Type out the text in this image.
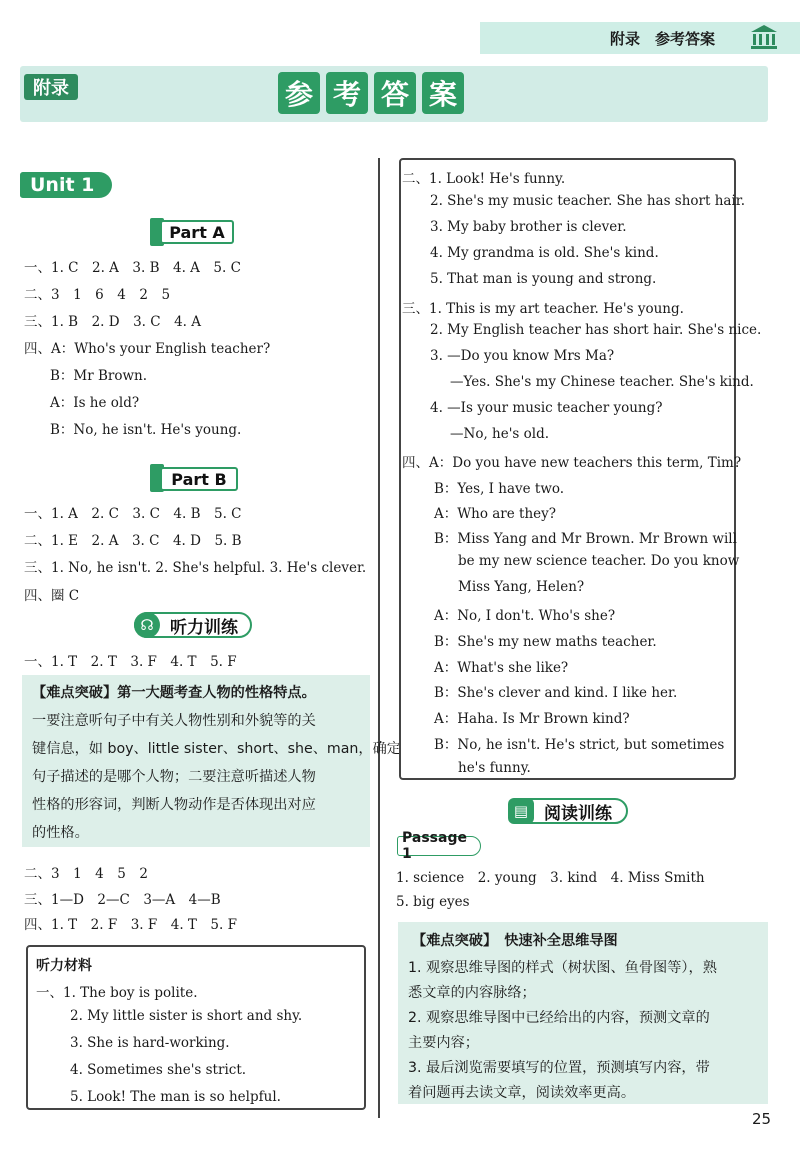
附录　参考答案
附录	参 考 答 案
Unit 1
Part A
一、1. C　2. A　3. B　4. A　5. C
二、3　1　6　4　2　5
三、1. B　2. D　3. C　4. A
四、A：Who's your English teacher?
B：Mr Brown.
A：Is he old?
B：No, he isn't. He's young.
Part B
一、1. A　2. C　3. C　4. B　5. C
二、1. E　2. A　3. C　4. D　5. B
三、1. No, he isn't. 2. She's helpful. 3. He's clever.
四、圈 C
听力训练
☊
一、1. T　2. T　3. F　4. T　5. F
【难点突破】第一大题考查人物的性格特点。
一要注意听句子中有关人物性别和外貌等的关
键信息，如 boy、little sister、short、she、man，确定
句子描述的是哪个人物；二要注意听描述人物
性格的形容词，判断人物动作是否体现出对应
的性格。
二、3　1　4　5　2
三、1—D　2—C　3—A　4—B
四、1. T　2. F　3. F　4. T　5. F
听力材料
一、1. The boy is polite.
2. My little sister is short and shy.
3. She is hard-working.
4. Sometimes she's strict.
5. Look! The man is so helpful.
二、1. Look! He's funny.
2. She's my music teacher. She has short hair.
3. My baby brother is clever.
4. My grandma is old. She's kind.
5. That man is young and strong.
三、1. This is my art teacher. He's young.
2. My English teacher has short hair. She's nice.
3. —Do you know Mrs Ma?
—Yes. She's my Chinese teacher. She's kind.
4. —Is your music teacher young?
—No, he's old.
四、A：Do you have new teachers this term, Tim?
B：Yes, I have two.
A：Who are they?
B：Miss Yang and Mr Brown. Mr Brown will
be my new science teacher. Do you know
Miss Yang, Helen?
A：No, I don't. Who's she?
B：She's my new maths teacher.
A：What's she like?
B：She's clever and kind. I like her.
A：Haha. Is Mr Brown kind?
B：No, he isn't. He's strict, but sometimes
he's funny.
阅读训练
▤
Passage 1
1. science　2. young　3. kind　4. Miss Smith
5. big eyes
【难点突破】　快速补全思维导图
1. 观察思维导图的样式（树状图、鱼骨图等），熟
悉文章的内容脉络；
2. 观察思维导图中已经给出的内容，预测文章的
主要内容；
3. 最后浏览需要填写的位置，预测填写内容，带
着问题再去读文章，阅读效率更高。
25
